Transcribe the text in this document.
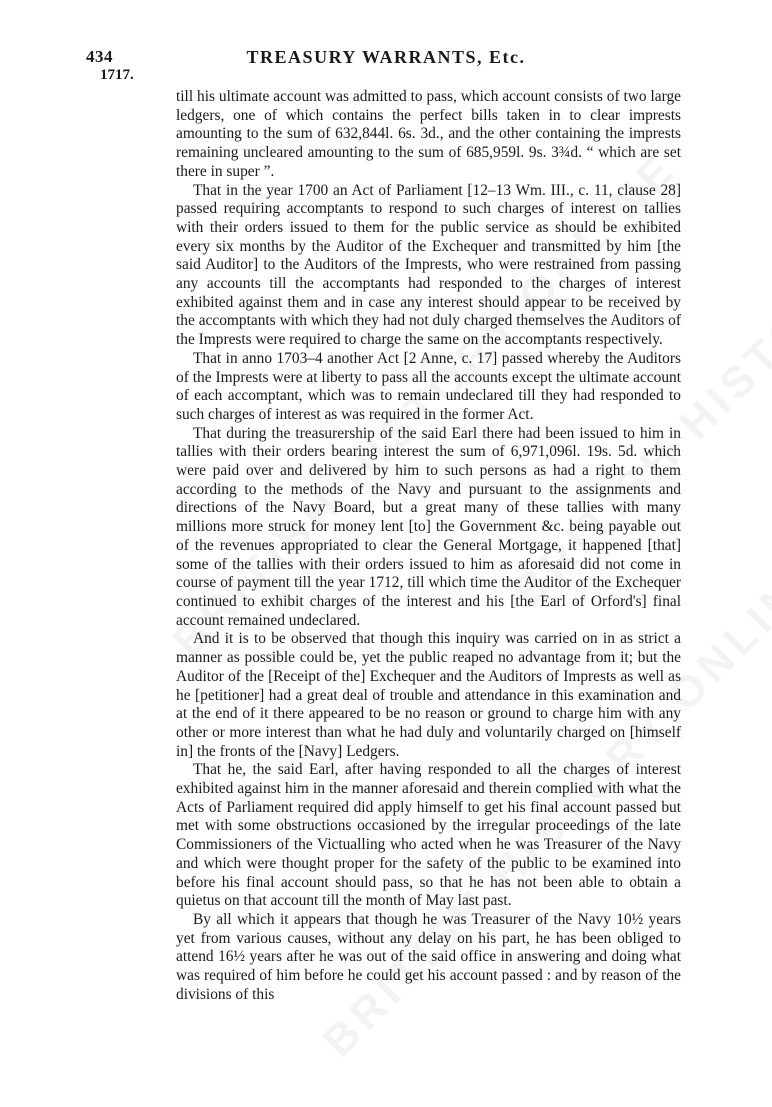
434	TREASURY WARRANTS, Etc.
1717.

till his ultimate account was admitted to pass, which account consists of two large ledgers, one of which contains the perfect bills taken in to clear imprests amounting to the sum of 632,844l. 6s. 3d., and the other containing the imprests remaining uncleared amounting to the sum of 685,959l. 9s. 3¾d. “ which are set there in super ”.

That in the year 1700 an Act of Parliament [12–13 Wm. III., c. 11, clause 28] passed requiring accomptants to respond to such charges of interest on tallies with their orders issued to them for the public service as should be exhibited every six months by the Auditor of the Exchequer and transmitted by him [the said Auditor] to the Auditors of the Imprests, who were restrained from passing any accounts till the accomptants had responded to the charges of interest exhibited against them and in case any interest should appear to be received by the accomptants with which they had not duly charged themselves the Auditors of the Imprests were required to charge the same on the accomptants respectively.

That in anno 1703–4 another Act [2 Anne, c. 17] passed whereby the Auditors of the Imprests were at liberty to pass all the accounts except the ultimate account of each accomptant, which was to remain undeclared till they had responded to such charges of interest as was required in the former Act.

That during the treasurership of the said Earl there had been issued to him in tallies with their orders bearing interest the sum of 6,971,096l. 19s. 5d. which were paid over and delivered by him to such persons as had a right to them according to the methods of the Navy and pursuant to the assignments and directions of the Navy Board, but a great many of these tallies with many millions more struck for money lent [to] the Government &c. being payable out of the revenues appropriated to clear the General Mortgage, it happened [that] some of the tallies with their orders issued to him as aforesaid did not come in course of payment till the year 1712, till which time the Auditor of the Exchequer continued to exhibit charges of the interest and his [the Earl of Orford's] final account remained undeclared.

And it is to be observed that though this inquiry was carried on in as strict a manner as possible could be, yet the public reaped no advantage from it; but the Auditor of the [Receipt of the] Exchequer and the Auditors of Imprests as well as he [petitioner] had a great deal of trouble and attendance in this examination and at the end of it there appeared to be no reason or ground to charge him with any other or more interest than what he had duly and voluntarily charged on [himself in] the fronts of the [Navy] Ledgers.

That he, the said Earl, after having responded to all the charges of interest exhibited against him in the manner aforesaid and therein complied with what the Acts of Parliament required did apply himself to get his final account passed but met with some obstructions occasioned by the irregular proceedings of the late Commissioners of the Victualling who acted when he was Treasurer of the Navy and which were thought proper for the safety of the public to be examined into before his final account should pass, so that he has not been able to obtain a quietus on that account till the month of May last past.

By all which it appears that though he was Treasurer of the Navy 10½ years yet from various causes, without any delay on his part, he has been obliged to attend 16½ years after he was out of the said office in answering and doing what was required of him before he could get his account passed : and by reason of the divisions of this
